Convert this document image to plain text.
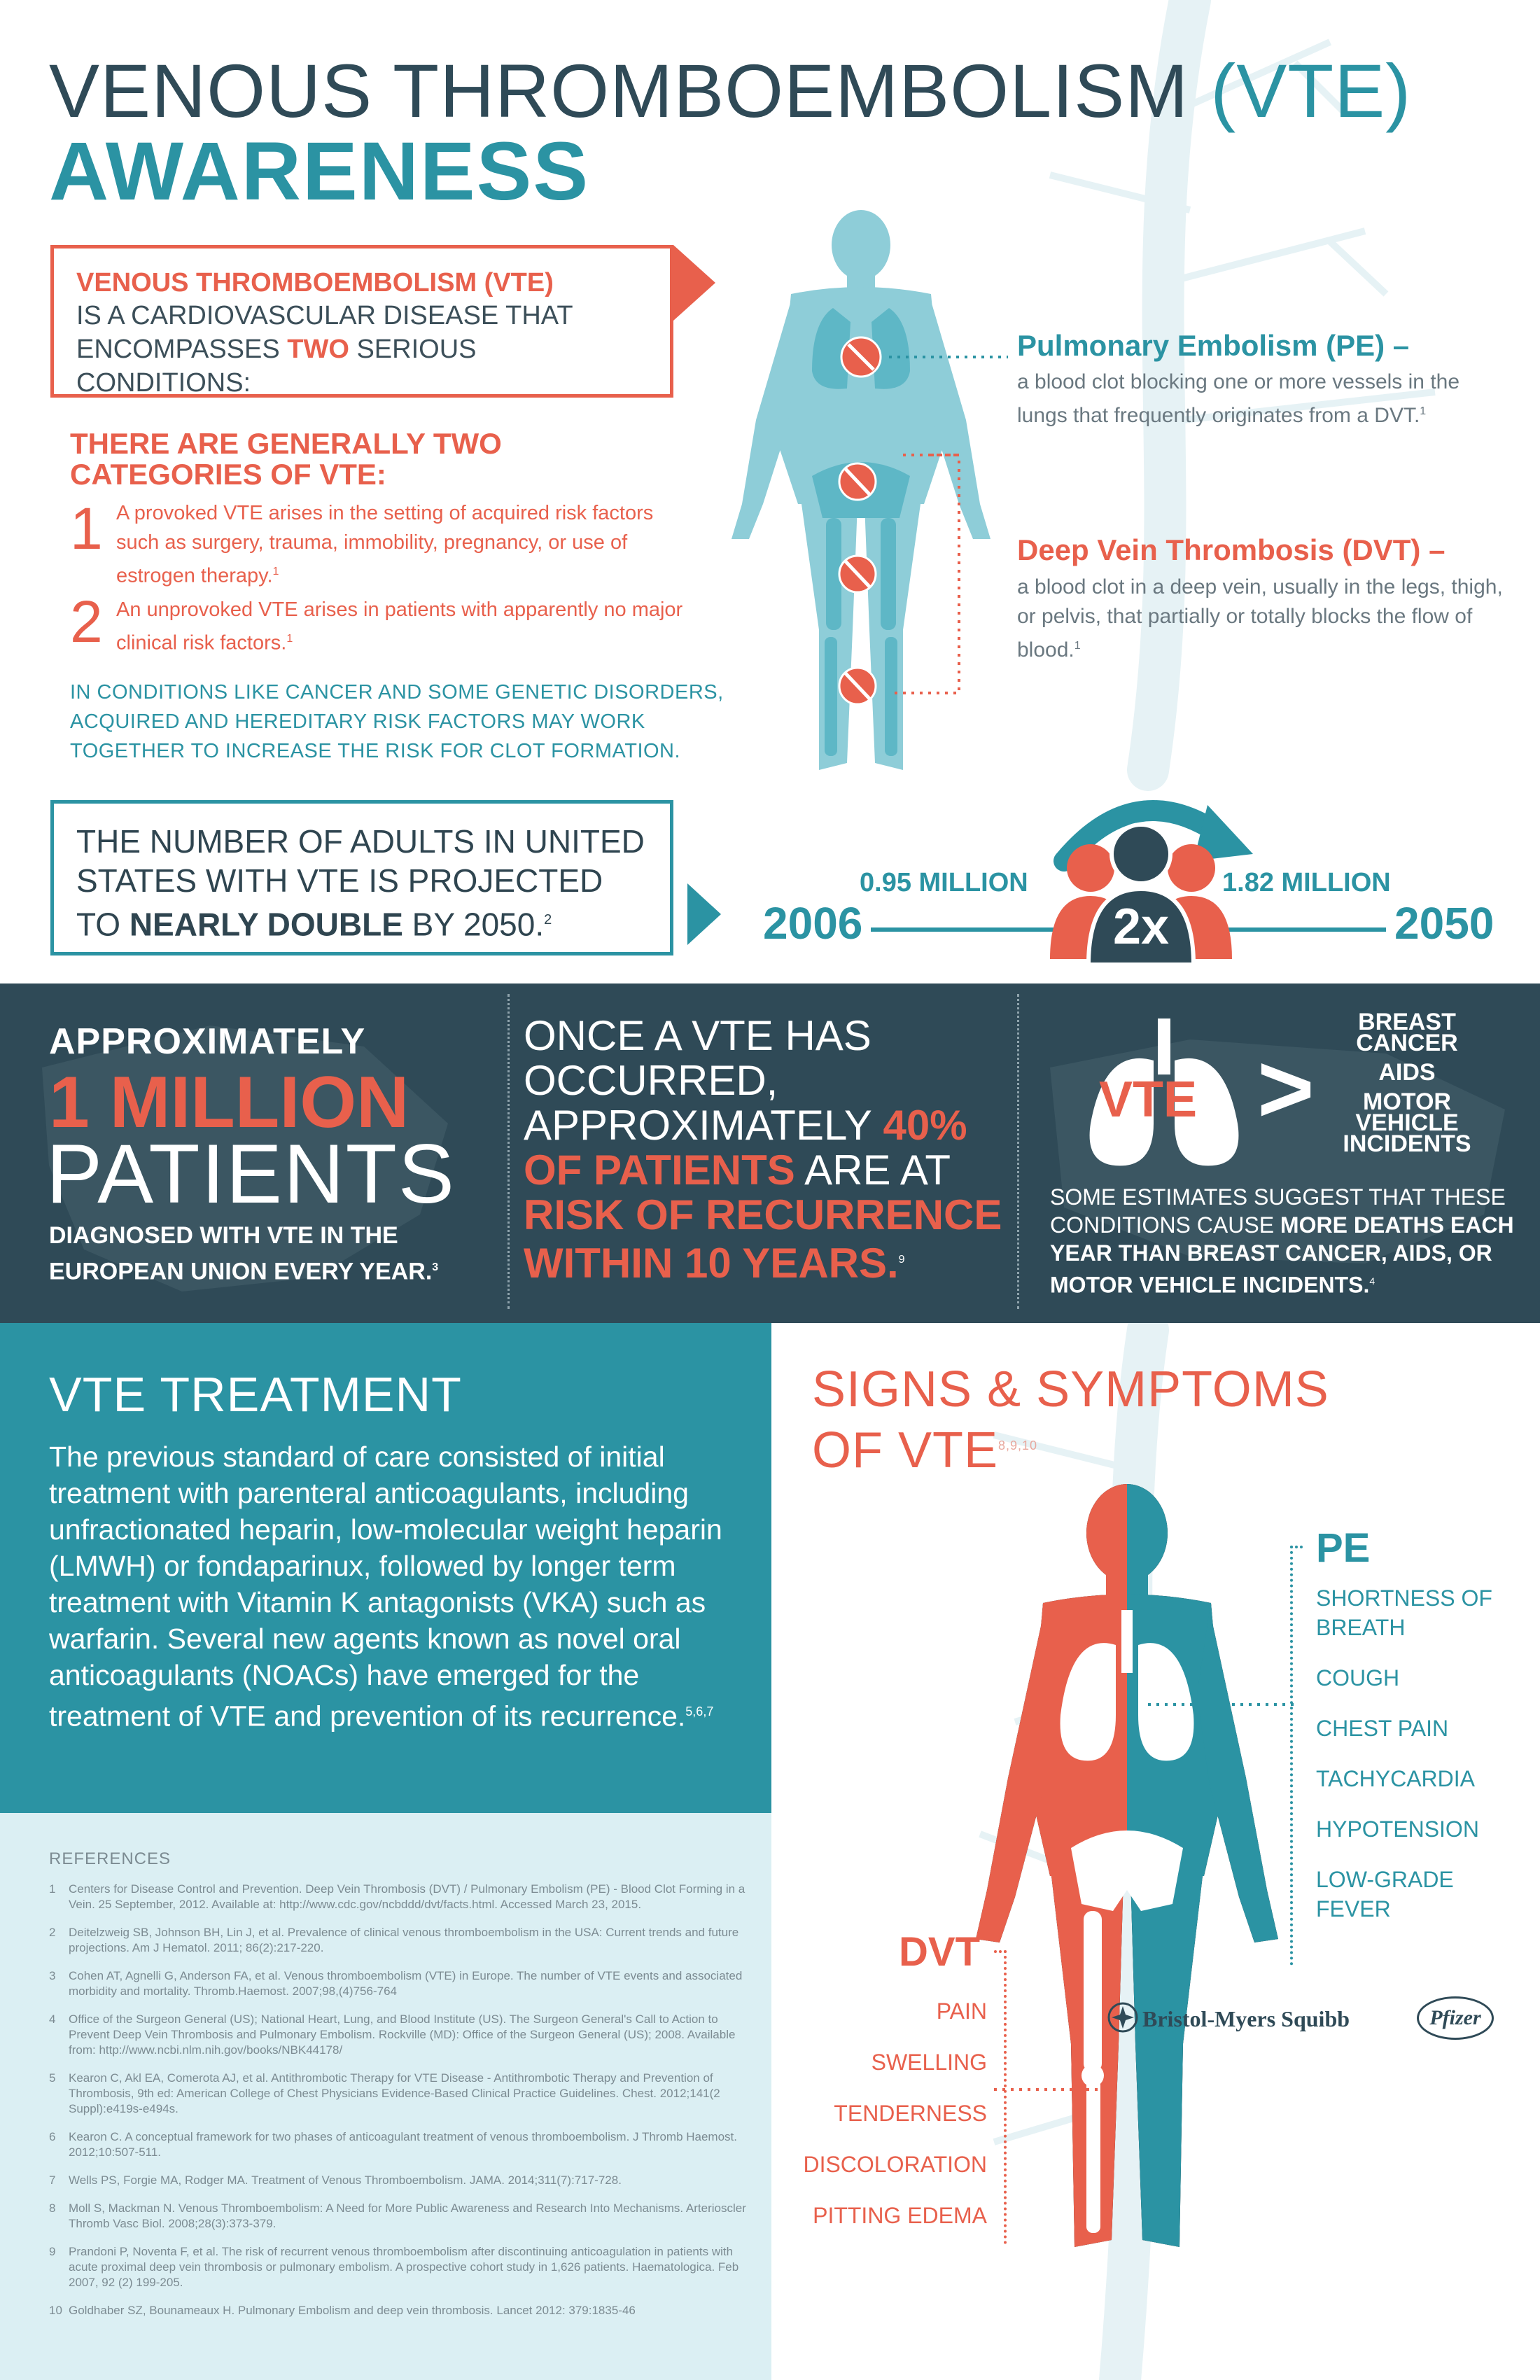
VENOUS THROMBOEMBOLISM (VTE)
AWARENESS
VENOUS THROMBOEMBOLISM (VTE)
IS A CARDIOVASCULAR DISEASE THAT
ENCOMPASSES TWO SERIOUS CONDITIONS:
THERE ARE GENERALLY TWO CATEGORIES OF VTE:
1 A provoked VTE arises in the setting of acquired risk factors such as surgery, trauma, immobility, pregnancy, or use of estrogen therapy.$^1$
2 An unprovoked VTE arises in patients with apparently no major clinical risk factors.$^1$
IN CONDITIONS LIKE CANCER AND SOME GENETIC DISORDERS, ACQUIRED AND HEREDITARY RISK FACTORS MAY WORK TOGETHER TO INCREASE THE RISK FOR CLOT FORMATION.
Pulmonary Embolism (PE) –
a blood clot blocking one or more vessels in the lungs that frequently originates from a DVT.$^1$
Deep Vein Thrombosis (DVT) –
a blood clot in a deep vein, usually in the legs, thigh, or pelvis, that partially or totally blocks the flow of blood.$^1$
THE NUMBER OF ADULTS IN UNITED STATES WITH VTE IS PROJECTED TO NEARLY DOUBLE BY 2050.$^2$	2006	2050
0.95 MILLION	1.82 MILLION
2x
APPROXIMATELY
1 MILLION
PATIENTS
DIAGNOSED WITH VTE IN THE EUROPEAN UNION EVERY YEAR.$^3$
ONCE A VTE HAS OCCURRED, APPROXIMATELY 40% OF PATIENTS ARE AT RISK OF RECURRENCE WITHIN 10 YEARS.$^9$
VTE >
BREAST CANCER
AIDS
MOTOR VEHICLE INCIDENTS
SOME ESTIMATES SUGGEST THAT THESE CONDITIONS CAUSE MORE DEATHS EACH YEAR THAN BREAST CANCER, AIDS, OR MOTOR VEHICLE INCIDENTS.$^4$
VTE TREATMENT
The previous standard of care consisted of initial treatment with parenteral anticoagulants, including unfractionated heparin, low-molecular weight heparin (LMWH) or fondaparinux, followed by longer term treatment with Vitamin K antagonists (VKA) such as warfarin. Several new agents known as novel oral anticoagulants (NOACs) have emerged for the treatment of VTE and prevention of its recurrence.$^{5,6,7}$
REFERENCES
1	Centers for Disease Control and Prevention. Deep Vein Thrombosis (DVT) / Pulmonary Embolism (PE) - Blood Clot Forming in a Vein. 25 September, 2012. Available at: http://www.cdc.gov/ncbddd/dvt/facts.html. Accessed March 23, 2015.
2	Deitelzweig SB, Johnson BH, Lin J, et al. Prevalence of clinical venous thromboembolism in the USA: Current trends and future projections. Am J Hematol. 2011; 86(2):217-220.
3	Cohen AT, Agnelli G, Anderson FA, et al. Venous thromboembolism (VTE) in Europe. The number of VTE events and associated morbidity and mortality. Thromb.Haemost. 2007;98,(4)756-764
4	Office of the Surgeon General (US); National Heart, Lung, and Blood Institute (US). The Surgeon General's Call to Action to Prevent Deep Vein Thrombosis and Pulmonary Embolism. Rockville (MD): Office of the Surgeon General (US); 2008. Available from: http://www.ncbi.nlm.nih.gov/books/NBK44178/
5	Kearon C, Akl EA, Comerota AJ, et al. Antithrombotic Therapy for VTE Disease - Antithrombotic Therapy and Prevention of Thrombosis, 9th ed: American College of Chest Physicians Evidence-Based Clinical Practice Guidelines. Chest. 2012;141(2 Suppl):e419s-e494s.
6	Kearon C. A conceptual framework for two phases of anticoagulant treatment of venous thromboembolism. J Thromb Haemost. 2012;10:507-511.
7	Wells PS, Forgie MA, Rodger MA. Treatment of Venous Thromboembolism. JAMA. 2014;311(7):717-728.
8	Moll S, Mackman N. Venous Thromboembolism: A Need for More Public Awareness and Research Into Mechanisms. Arterioscler Thromb Vasc Biol. 2008;28(3):373-379.
9	Prandoni P, Noventa F, et al. The risk of recurrent venous thromboembolism after discontinuing anticoagulation in patients with acute proximal deep vein thrombosis or pulmonary embolism. A prospective cohort study in 1,626 patients. Haematologica. Feb 2007, 92 (2) 199-205.
10 Goldhaber SZ, Bounameaux H. Pulmonary Embolism and deep vein thrombosis. Lancet 2012: 379:1835-46
SIGNS & SYMPTOMS
OF VTE$^{8,9,10}$
PE
SHORTNESS OF BREATH
COUGH
CHEST PAIN
TACHYCARDIA
HYPOTENSION
LOW-GRADE FEVER
DVT
PAIN
SWELLING
TENDERNESS
DISCOLORATION
PITTING EDEMA
Bristol-Myers Squibb	Pfizer
